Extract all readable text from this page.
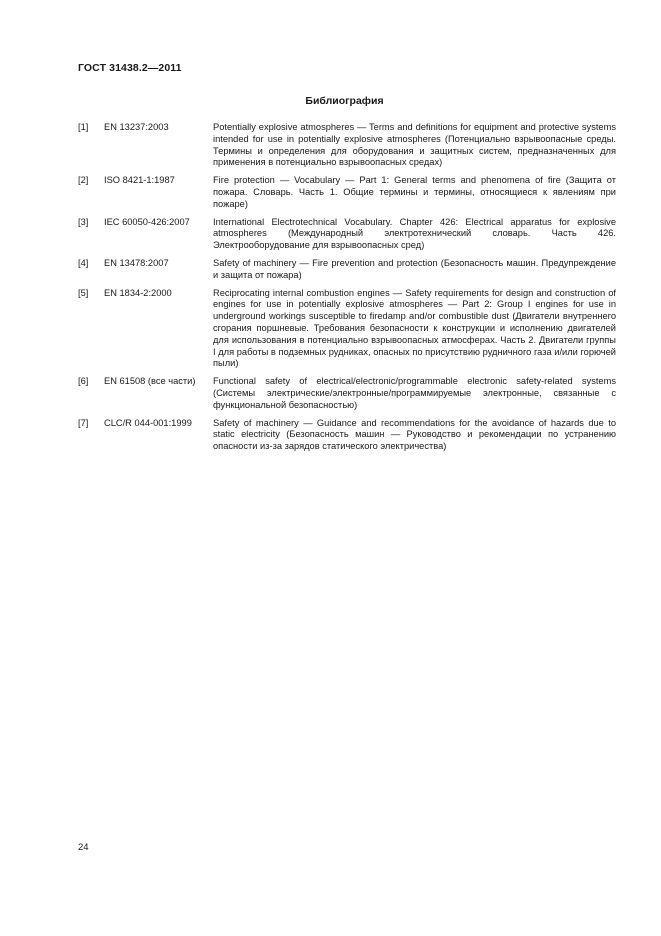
ГОСТ 31438.2—2011
Библиография
[1]	EN 13237:2003	Potentially explosive atmospheres — Terms and definitions for equipment and protective systems intended for use in potentially explosive atmospheres (Потенциально взрывоопасные среды. Термины и определения для оборудования и защитных систем, предназначенных для применения в потенциально взрывоопасных средах)
[2]	ISO 8421-1:1987	Fire protection — Vocabulary — Part 1: General terms and phenomena of fire (Защита от пожара. Словарь. Часть 1. Общие термины и термины, относящиеся к явлениям при пожаре)
[3]	IEC 60050-426:2007	International Electrotechnical Vocabulary. Chapter 426: Electrical apparatus for explosive atmospheres (Международный электротехнический словарь. Часть 426. Электрооборудование для взрывоопасных сред)
[4]	EN 13478:2007	Safety of machinery — Fire prevention and protection (Безопасность машин. Предупреждение и защита от пожара)
[5]	EN 1834-2:2000	Reciprocating internal combustion engines — Safety requirements for design and construction of engines for use in potentially explosive atmospheres — Part 2: Group I engines for use in underground workings susceptible to firedamp and/or combustible dust (Двигатели внутреннего сгорания поршневые. Требования безопасности к конструкции и исполнению двигателей для использования в потенциально взрывоопасных атмосферах. Часть 2. Двигатели группы I для работы в подземных рудниках, опасных по присутствию рудничного газа и/или горючей пыли)
[6]	EN 61508 (все части)	Functional safety of electrical/electronic/programmable electronic safety-related systems (Системы электрические/электронные/программируемые электронные, связанные с функциональной безопасностью)
[7]	CLC/R 044-001:1999	Safety of machinery — Guidance and recommendations for the avoidance of hazards due to static electricity (Безопасность машин — Руководство и рекомендации по устранению опасности из-за зарядов статического электричества)
24
